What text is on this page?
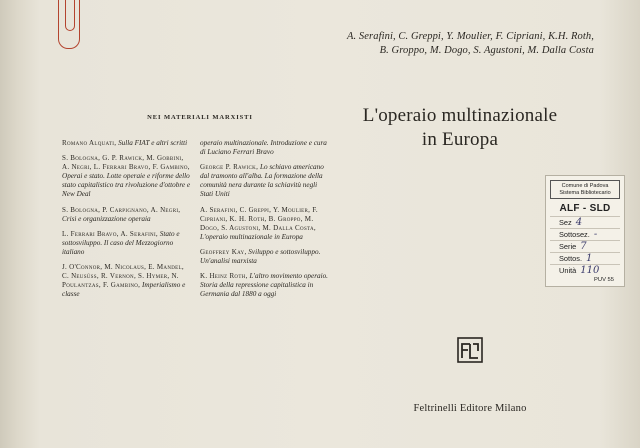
A. Serafini, C. Greppi, Y. Moulier, F. Cipriani, K.H. Roth,
B. Groppo, M. Dogo, S. Agustoni, M. Dalla Costa
L'operaio multinazionale
in Europa
NEI MATERIALI MARXISTI
Romano Alquati, Sulla FIAT e altri scritti
S. Bologna, G. P. Rawick, M. Gobbini, A. Negri, L. Ferrari Bravo, F. Gambino, Operai e stato. Lotte operaie e riforme dello stato capitalistico tra rivoluzione d'ottobre e New Deal
S. Bologna, P. Carpignano, A. Negri, Crisi e organizzazione operaia
L. Ferrari Bravo, A. Serafini, Stato e sottosviluppo. Il caso del Mezzogiorno italiano
J. O'Connor, M. Nicolaus, E. Mandel, C. Neusüss, R. Vernon, S. Hymer, N. Poulantzas, F. Gambino, Imperialismo e classe
operaio multinazionale. Introduzione e cura di Luciano Ferrari Bravo
George P. Rawick, Lo schiavo americano dal tramonto all'alba. La formazione della comunità nera durante la schiavitù negli Stati Uniti
A. Serafini, C. Greppi, Y. Moulier, F. Cipriani, K. H. Roth, B. Groppo, M. Dogo, S. Agustoni, M. Dalla Costa, L'operaio multinazionale in Europa
Geoffrey Kay, Sviluppo e sottosviluppo. Un'analisi marxista
K. Heinz Roth, L'altro movimento operaio. Storia della repressione capitalistica in Germania dal 1880 a oggi
Feltrinelli Editore Milano
Comune di Padova
Sistema Bibliotecario
ALF - SLD
Sez 4
Sottosez. -
Serie 7
Sottos. 1
Unità 110
PUV 55
